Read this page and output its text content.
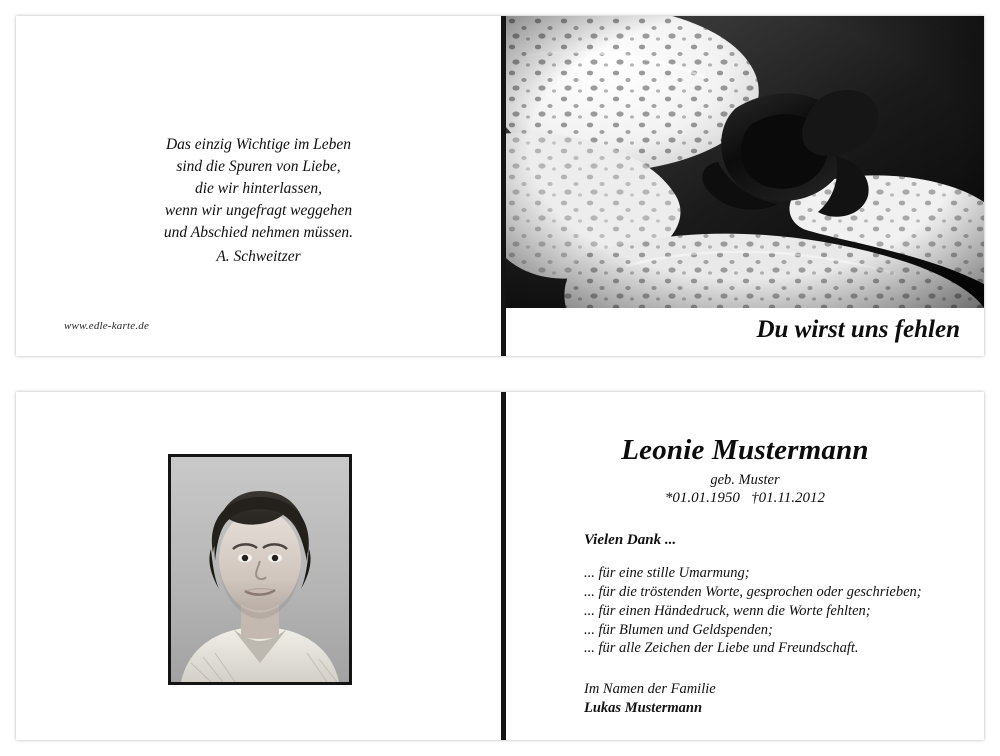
Das einzig Wichtige im Leben
sind die Spuren von Liebe,
die wir hinterlassen,
wenn wir ungefragt weggehen
und Abschied nehmen müssen.
A. Schweitzer
www.edle-karte.de	Du wirst uns fehlen
Leonie Mustermann
geb. Muster
*01.01.1950   †01.11.2012
Vielen Dank ...
... für eine stille Umarmung;
... für die tröstenden Worte, gesprochen oder geschrieben;
... für einen Händedruck, wenn die Worte fehlten;
... für Blumen und Geldspenden;
... für alle Zeichen der Liebe und Freundschaft.
Im Namen der Familie
Lukas Mustermann
